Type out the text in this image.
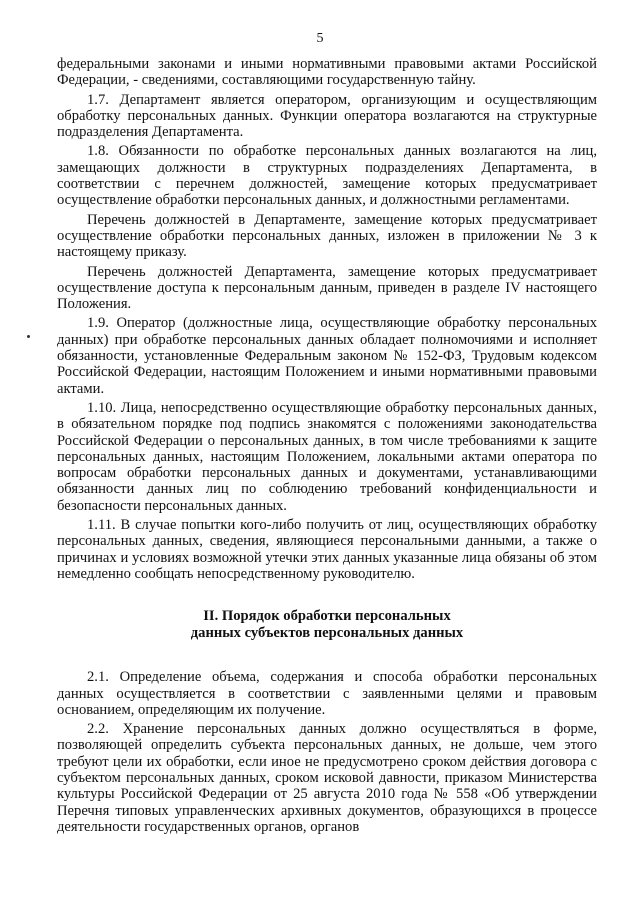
5

федеральными законами и иными нормативными правовыми актами Российской Федерации, - сведениями, составляющими государственную тайну.

1.7. Департамент является оператором, организующим и осуществляющим обработку персональных данных. Функции оператора возлагаются на структурные подразделения Департамента.

1.8. Обязанности по обработке персональных данных возлагаются на лиц, замещающих должности в структурных подразделениях Департамента, в соответствии с перечнем должностей, замещение которых предусматривает осуществление обработки персональных данных, и должностными регламентами.

Перечень должностей в Департаменте, замещение которых предусматривает осуществление обработки персональных данных, изложен в приложении № 3 к настоящему приказу.

Перечень должностей Департамента, замещение которых предусматривает осуществление доступа к персональным данным, приведен в разделе IV настоящего Положения.

1.9. Оператор (должностные лица, осуществляющие обработку персональных данных) при обработке персональных данных обладает полномочиями и исполняет обязанности, установленные Федеральным законом № 152-ФЗ, Трудовым кодексом Российской Федерации, настоящим Положением и иными нормативными правовыми актами.

1.10. Лица, непосредственно осуществляющие обработку персональных данных, в обязательном порядке под подпись знакомятся с положениями законодательства Российской Федерации о персональных данных, в том числе требованиями к защите персональных данных, настоящим Положением, локальными актами оператора по вопросам обработки персональных данных и документами, устанавливающими обязанности данных лиц по соблюдению требований конфиденциальности и безопасности персональных данных.

1.11. В случае попытки кого-либо получить от лиц, осуществляющих обработку персональных данных, сведения, являющиеся персональными данными, а также о причинах и условиях возможной утечки этих данных указанные лица обязаны об этом немедленно сообщать непосредственному руководителю.

II. Порядок обработки персональных
данных субъектов персональных данных

2.1. Определение объема, содержания и способа обработки персональных данных осуществляется в соответствии с заявленными целями и правовым основанием, определяющим их получение.

2.2. Хранение персональных данных должно осуществляться в форме, позволяющей определить субъекта персональных данных, не дольше, чем этого требуют цели их обработки, если иное не предусмотрено сроком действия договора с субъектом персональных данных, сроком исковой давности, приказом Министерства культуры Российской Федерации от 25 августа 2010 года № 558 «Об утверждении Перечня типовых управленческих архивных документов, образующихся в процессе деятельности государственных органов, органов
